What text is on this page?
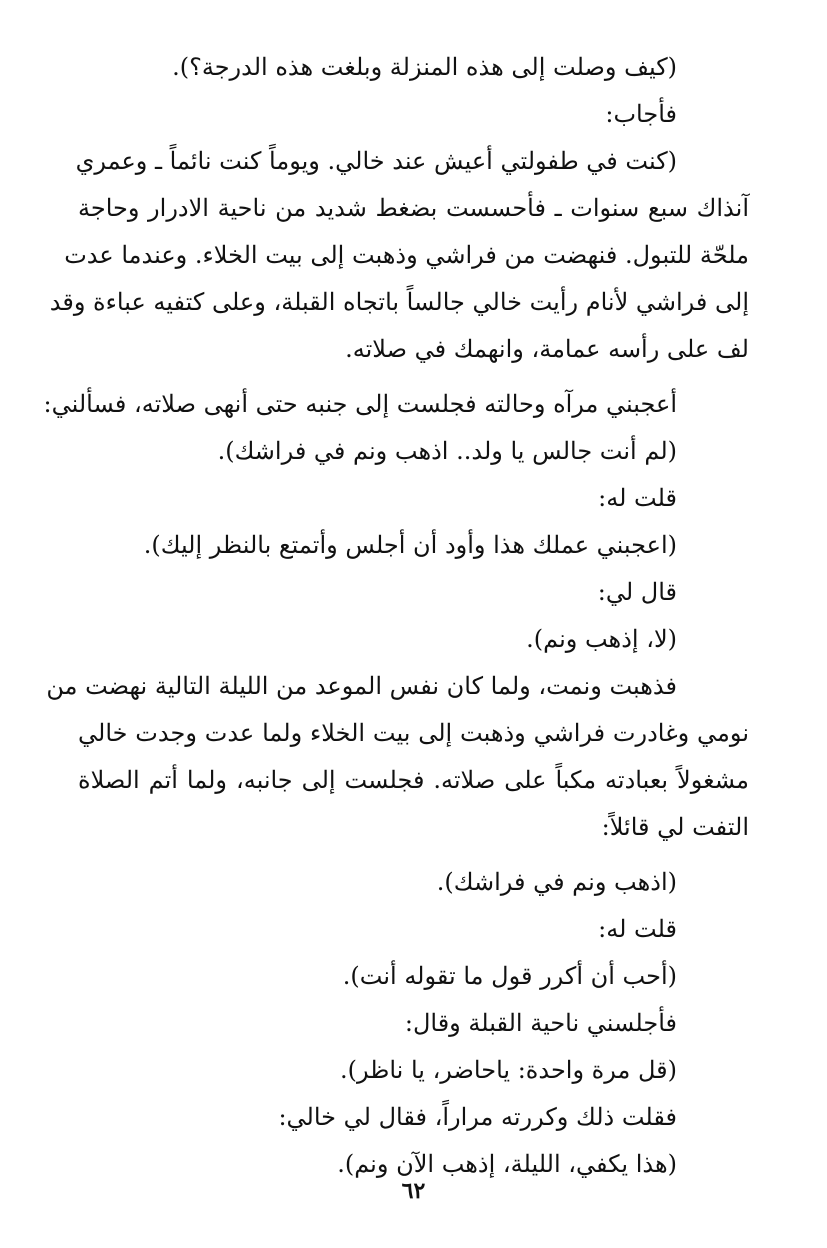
(كيف وصلت إلى هذه المنزلة وبلغت هذه الدرجة؟).
فأجاب:
(كنت في طفولتي أعيش عند خالي. ويوماً كنت نائماً ـ وعمري
آنذاك سبع سنوات ـ فأحسست بضغط شديد من ناحية الادرار وحاجة
ملحّة للتبول. فنهضت من فراشي وذهبت إلى بيت الخلاء. وعندما عدت
إلى فراشي لأنام رأيت خالي جالساً باتجاه القبلة، وعلى كتفيه عباءة وقد
لف على رأسه عمامة، وانهمك في صلاته.
أعجبني مرآه وحالته فجلست إلى جنبه حتى أنهى صلاته، فسألني:
(لم أنت جالس يا ولد.. اذهب ونم في فراشك).
قلت له:
(اعجبني عملك هذا وأود أن أجلس وأتمتع بالنظر إليك).
قال لي:
(لا، إذهب ونم).
فذهبت ونمت، ولما كان نفس الموعد من الليلة التالية نهضت من
نومي وغادرت فراشي وذهبت إلى بيت الخلاء ولما عدت وجدت خالي
مشغولاً بعبادته مكباً على صلاته. فجلست إلى جانبه، ولما أتم الصلاة
التفت لي قائلاً:
(اذهب ونم في فراشك).
قلت له:
(أحب أن أكرر قول ما تقوله أنت).
فأجلسني ناحية القبلة وقال:
(قل مرة واحدة: ياحاضر، يا ناظر).
فقلت ذلك وكررته مراراً، فقال لي خالي:
(هذا يكفي، الليلة، إذهب الآن ونم).
٦٢
